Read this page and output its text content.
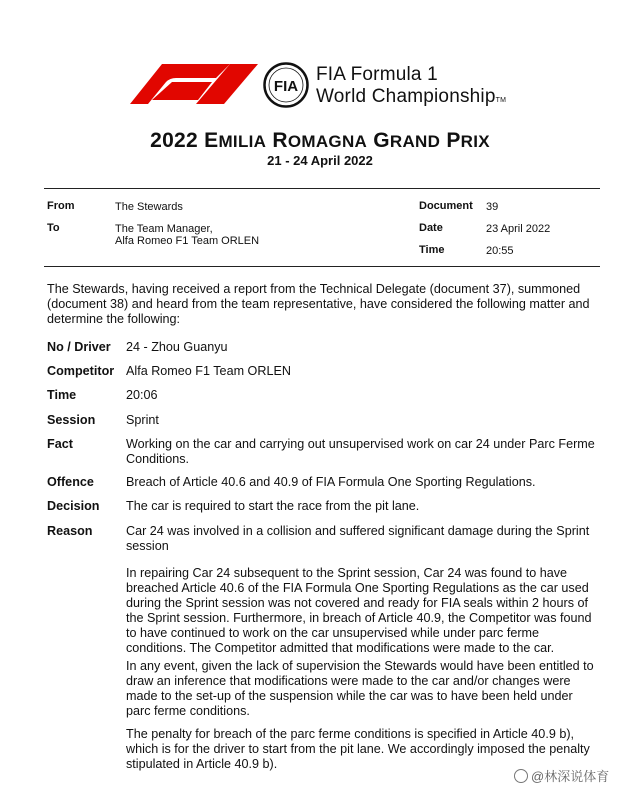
FIA
FIA Formula 1
World ChampionshipTM
2022 EMILIA ROMAGNA GRAND PRIX
21 - 24 April 2022
From	The Stewards
To	The Team Manager,
Alfa Romeo F1 Team ORLEN
Document 39
Date	23 April 2022
Time	20:55
The Stewards, having received a report from the Technical Delegate (document 37), summoned (document 38) and heard from the team representative, have considered the following matter and determine the following:
No / Driver 24 - Zhou Guanyu
Competitor Alfa Romeo F1 Team ORLEN
Time	20:06
Session Sprint
Fact	Working on the car and carrying out unsupervised work on car 24 under Parc Ferme Conditions.
Offence	Breach of Article 40.6 and 40.9 of FIA Formula One Sporting Regulations.
Decision The car is required to start the race from the pit lane.
Reason	Car 24 was involved in a collision and suffered significant damage during the Sprint session
In repairing Car 24 subsequent to the Sprint session, Car 24 was found to have breached Article 40.6 of the FIA Formula One Sporting Regulations as the car used during the Sprint session was not covered and ready for FIA seals within 2 hours of the Sprint session. Furthermore, in breach of Article 40.9, the Competitor was found to have continued to work on the car unsupervised while under parc ferme conditions. The Competitor admitted that modifications were made to the car.
In any event, given the lack of supervision the Stewards would have been entitled to draw an inference that modifications were made to the car and/or changes were made to the set-up of the suspension while the car was to have been held under parc ferme conditions.
The penalty for breach of the parc ferme conditions is specified in Article 40.9 b), which is for the driver to start from the pit lane. We accordingly imposed the penalty stipulated in Article 40.9 b).
@林深说体育
